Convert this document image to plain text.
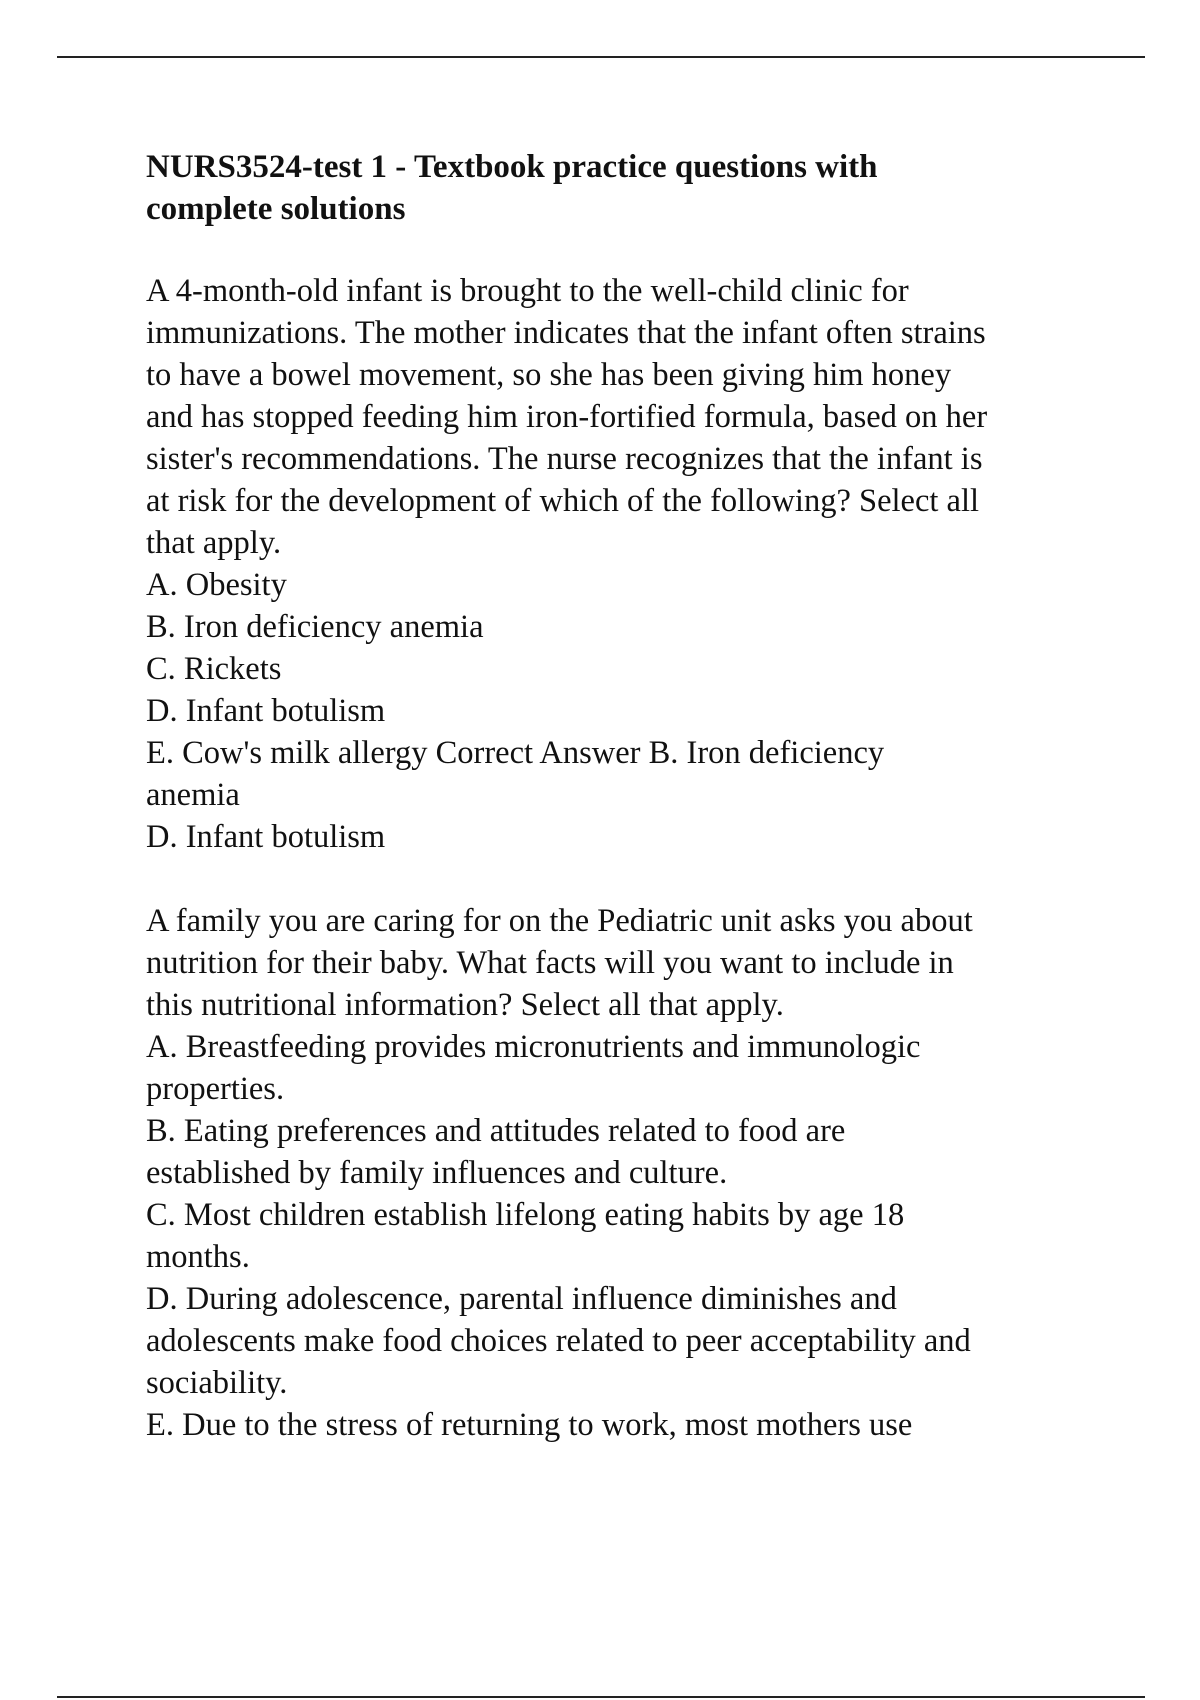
NURS3524-test 1 - Textbook practice questions with
complete solutions
A 4-month-old infant is brought to the well-child clinic for
immunizations. The mother indicates that the infant often strains
to have a bowel movement, so she has been giving him honey
and has stopped feeding him iron-fortified formula, based on her
sister's recommendations. The nurse recognizes that the infant is
at risk for the development of which of the following? Select all
that apply.
A. Obesity
B. Iron deficiency anemia
C. Rickets
D. Infant botulism
E. Cow's milk allergy Correct Answer B. Iron deficiency
anemia
D. Infant botulism
A family you are caring for on the Pediatric unit asks you about
nutrition for their baby. What facts will you want to include in
this nutritional information? Select all that apply.
A. Breastfeeding provides micronutrients and immunologic
properties.
B. Eating preferences and attitudes related to food are
established by family influences and culture.
C. Most children establish lifelong eating habits by age 18
months.
D. During adolescence, parental influence diminishes and
adolescents make food choices related to peer acceptability and
sociability.
E. Due to the stress of returning to work, most mothers use
